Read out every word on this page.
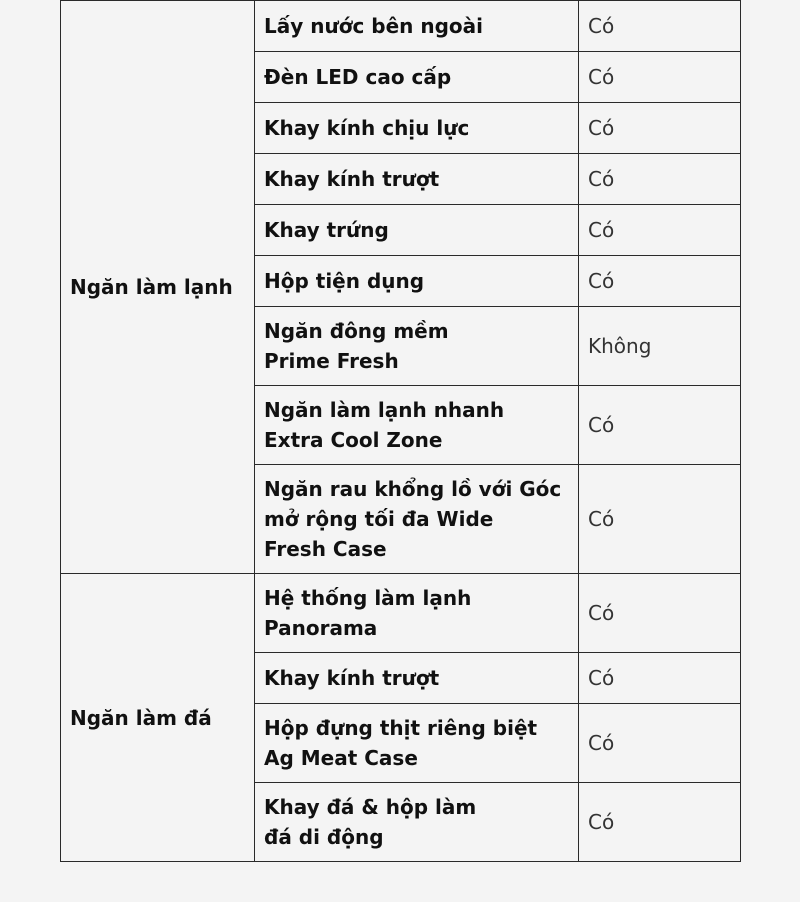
Ngăn làm lạnh	Lấy nước bên ngoài	Có
	Đèn LED cao cấp	Có
	Khay kính chịu lực	Có
	Khay kính trượt	Có
	Khay trứng	Có
	Hộp tiện dụng	Có
	Ngăn đông mềm
Prime Fresh	Không
	Ngăn làm lạnh nhanh
Extra Cool Zone	Có
	Ngăn rau khổng lồ với Góc
mở rộng tối đa Wide
Fresh Case	Có
Ngăn làm đá	Hệ thống làm lạnh
Panorama	Có
	Khay kính trượt	Có
	Hộp đựng thịt riêng biệt
Ag Meat Case	Có
	Khay đá & hộp làm
đá di động	Có
